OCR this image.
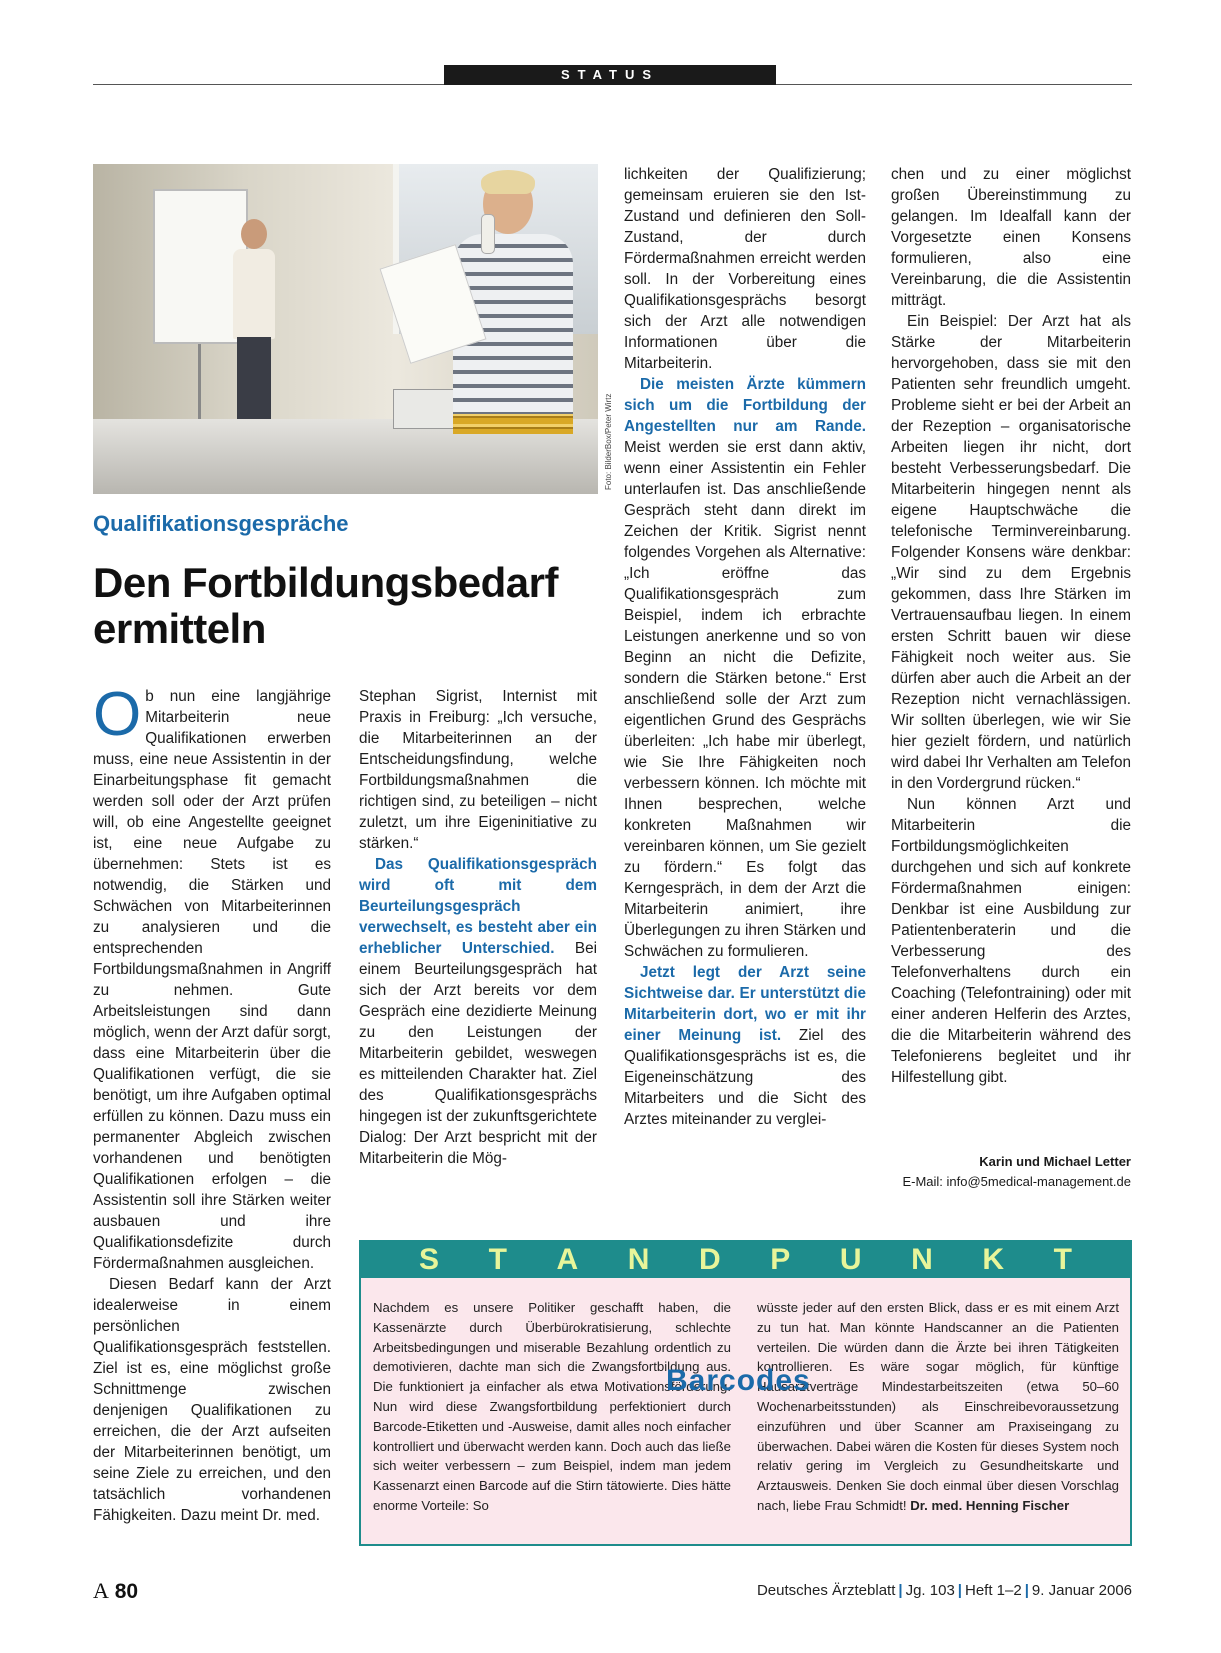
STATUS
Foto: BilderBox/Peter Wirtz
Qualifikationsgespräche
Den Fortbildungsbedarf ermitteln

Ob nun eine langjährige Mitarbeiterin neue Qualifikationen erwerben muss, eine neue Assistentin in der Einarbeitungsphase fit gemacht werden soll oder der Arzt prüfen will, ob eine Angestellte geeignet ist, eine neue Aufgabe zu übernehmen: Stets ist es notwendig, die Stärken und Schwächen von Mitarbeiterinnen zu analysieren und die entsprechenden Fortbildungsmaßnahmen in Angriff zu nehmen. Gute Arbeitsleistungen sind dann möglich, wenn der Arzt dafür sorgt, dass eine Mitarbeiterin über die Qualifikationen verfügt, die sie benötigt, um ihre Aufgaben optimal erfüllen zu können. Dazu muss ein permanenter Abgleich zwischen vorhandenen und benötigten Qualifikationen erfolgen – die Assistentin soll ihre Stärken weiter ausbauen und ihre Qualifikationsdefizite durch Fördermaßnahmen ausgleichen.

Diesen Bedarf kann der Arzt idealerweise in einem persönlichen Qualifikationsgespräch feststellen. Ziel ist es, eine möglichst große Schnittmenge zwischen denjenigen Qualifikationen zu erreichen, die der Arzt aufseiten der Mitarbeiterinnen benötigt, um seine Ziele zu erreichen, und den tatsächlich vorhandenen Fähigkeiten. Dazu meint Dr. med.

Stephan Sigrist, Internist mit Praxis in Freiburg: „Ich versuche, die Mitarbeiterinnen an der Entscheidungsfindung, welche Fortbildungsmaßnahmen die richtigen sind, zu beteiligen – nicht zuletzt, um ihre Eigeninitiative zu stärken.“

Das Qualifikationsgespräch wird oft mit dem Beurteilungsgespräch verwechselt, es besteht aber ein erheblicher Unterschied. Bei einem Beurteilungsgespräch hat sich der Arzt bereits vor dem Gespräch eine dezidierte Meinung zu den Leistungen der Mitarbeiterin gebildet, weswegen es mitteilenden Charakter hat. Ziel des Qualifikationsgesprächs hingegen ist der zukunftsgerichtete Dialog: Der Arzt bespricht mit der Mitarbeiterin die Mög-

lichkeiten der Qualifizierung; gemeinsam eruieren sie den Ist-Zustand und definieren den Soll-Zustand, der durch Fördermaßnahmen erreicht werden soll. In der Vorbereitung eines Qualifikationsgesprächs besorgt sich der Arzt alle notwendigen Informationen über die Mitarbeiterin.

Die meisten Ärzte kümmern sich um die Fortbildung der Angestellten nur am Rande. Meist werden sie erst dann aktiv, wenn einer Assistentin ein Fehler unterlaufen ist. Das anschließende Gespräch steht dann direkt im Zeichen der Kritik. Sigrist nennt folgendes Vorgehen als Alternative: „Ich eröffne das Qualifikationsgespräch zum Beispiel, indem ich erbrachte Leistungen anerkenne und so von Beginn an nicht die Defizite, sondern die Stärken betone.“ Erst anschließend solle der Arzt zum eigentlichen Grund des Gesprächs überleiten: „Ich habe mir überlegt, wie Sie Ihre Fähigkeiten noch verbessern können. Ich möchte mit Ihnen besprechen, welche konkreten Maßnahmen wir vereinbaren können, um Sie gezielt zu fördern.“ Es folgt das Kerngespräch, in dem der Arzt die Mitarbeiterin animiert, ihre Überlegungen zu ihren Stärken und Schwächen zu formulieren.

Jetzt legt der Arzt seine Sichtweise dar. Er unterstützt die Mitarbeiterin dort, wo er mit ihr einer Meinung ist. Ziel des Qualifikationsgesprächs ist es, die Eigeneinschätzung des Mitarbeiters und die Sicht des Arztes miteinander zu verglei-

chen und zu einer möglichst großen Übereinstimmung zu gelangen. Im Idealfall kann der Vorgesetzte einen Konsens formulieren, also eine Vereinbarung, die die Assistentin mitträgt.

Ein Beispiel: Der Arzt hat als Stärke der Mitarbeiterin hervorgehoben, dass sie mit den Patienten sehr freundlich umgeht. Probleme sieht er bei der Arbeit an der Rezeption – organisatorische Arbeiten liegen ihr nicht, dort besteht Verbesserungsbedarf. Die Mitarbeiterin hingegen nennt als eigene Hauptschwäche die telefonische Terminvereinbarung. Folgender Konsens wäre denkbar: „Wir sind zu dem Ergebnis gekommen, dass Ihre Stärken im Vertrauensaufbau liegen. In einem ersten Schritt bauen wir diese Fähigkeit noch weiter aus. Sie dürfen aber auch die Arbeit an der Rezeption nicht vernachlässigen. Wir sollten überlegen, wie wir Sie hier gezielt fördern, und natürlich wird dabei Ihr Verhalten am Telefon in den Vordergrund rücken.“

Nun können Arzt und Mitarbeiterin die Fortbildungsmöglichkeiten durchgehen und sich auf konkrete Fördermaßnahmen einigen: Denkbar ist eine Ausbildung zur Patientenberaterin und die Verbesserung des Telefonverhaltens durch ein Coaching (Telefontraining) oder mit einer anderen Helferin des Arztes, die die Mitarbeiterin während des Telefonierens begleitet und ihr Hilfestellung gibt.

Karin und Michael Letter
E-Mail: info@5medical-management.de
S T A N D P U N K T
Nachdem es unsere Politiker geschafft haben, die Kassenärzte durch Überbürokratisierung, schlechte Arbeitsbedingungen und miserable Bezahlung ordentlich zu demotivieren, dachte man sich die Zwangsfortbildung aus. Die funktioniert ja einfacher als etwa Motivationsförderung. Nun wird diese Zwangsfortbildung perfektioniert durch Barcode-Etiketten und -Ausweise, damit alles noch einfacher kontrolliert und überwacht werden kann. Doch auch das ließe sich weiter verbessern – zum Beispiel, indem man jedem Kassenarzt einen Barcode auf die Stirn tätowierte. Dies hätte enorme Vorteile: So
wüsste jeder auf den ersten Blick, dass er es mit einem Arzt zu tun hat. Man könnte Handscanner an die Patienten verteilen. Die würden dann die Ärzte bei ihren Tätigkeiten kontrollieren. Es wäre sogar möglich, für künftige Hausarztverträge Mindestarbeitszeiten (etwa 50–60 Wochenarbeitsstunden) als Einschreibevoraussetzung einzuführen und über Scanner am Praxiseingang zu überwachen. Dabei wären die Kosten für dieses System noch relativ gering im Vergleich zu Gesundheitskarte und Arztausweis. Denken Sie doch einmal über diesen Vorschlag nach, liebe Frau Schmidt! Dr. med. Henning Fischer
Barcodes
A 80	Deutsches Ärzteblatt | Jg. 103 | Heft 1–2 | 9. Januar 2006
